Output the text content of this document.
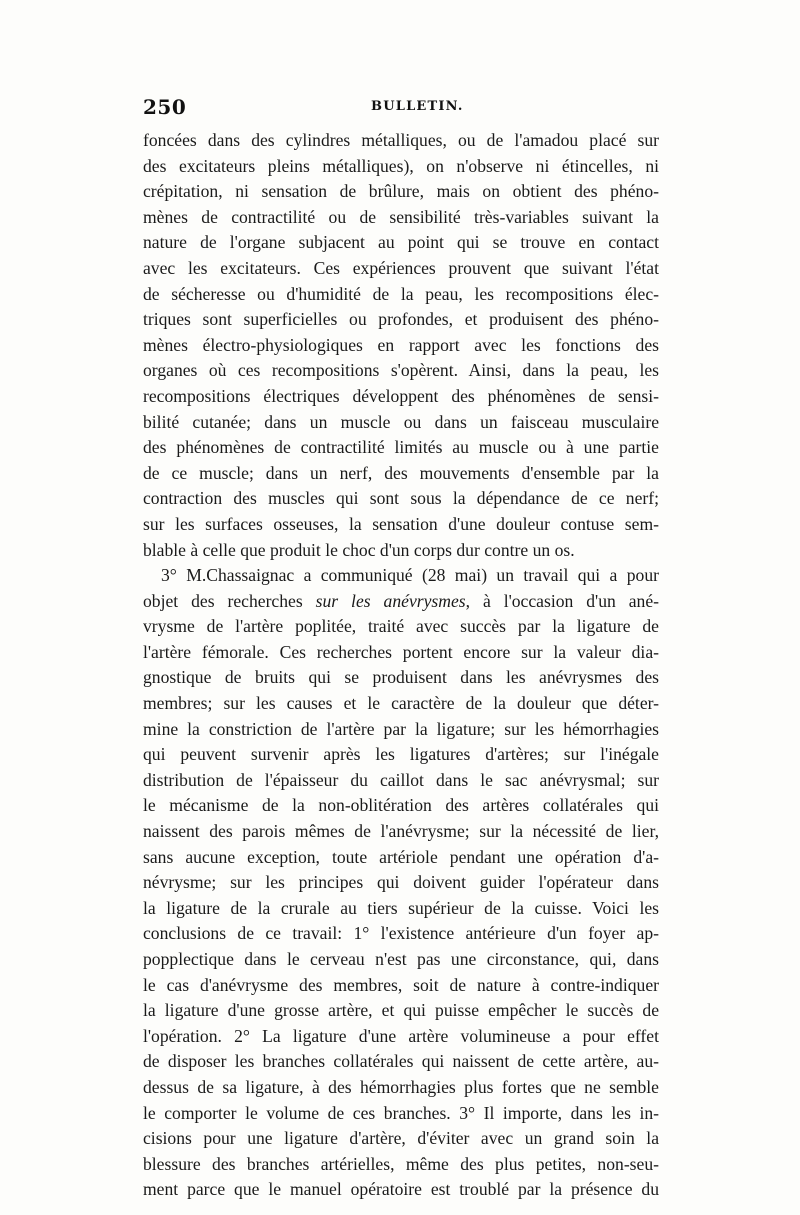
250	BULLETIN.
foncées dans des cylindres métalliques, ou de l'amadou placé sur
des excitateurs pleins métalliques), on n'observe ni étincelles, ni
crépitation, ni sensation de brûlure, mais on obtient des phéno-
mènes de contractilité ou de sensibilité très-variables suivant la
nature de l'organe subjacent au point qui se trouve en contact
avec les excitateurs. Ces expériences prouvent que suivant l'état
de sécheresse ou d'humidité de la peau, les recompositions élec-
triques sont superficielles ou profondes, et produisent des phéno-
mènes électro-physiologiques en rapport avec les fonctions des
organes où ces recompositions s'opèrent. Ainsi, dans la peau, les
recompositions électriques développent des phénomènes de sensi-
bilité cutanée; dans un muscle ou dans un faisceau musculaire
des phénomènes de contractilité limités au muscle ou à une partie
de ce muscle; dans un nerf, des mouvements d'ensemble par la
contraction des muscles qui sont sous la dépendance de ce nerf;
sur les surfaces osseuses, la sensation d'une douleur contuse sem-
blable à celle que produit le choc d'un corps dur contre un os.
3° M.Chassaignac a communiqué (28 mai) un travail qui a pour
objet des recherches sur les anévrysmes, à l'occasion d'un ané-
vrysme de l'artère poplitée, traité avec succès par la ligature de
l'artère fémorale. Ces recherches portent encore sur la valeur dia-
gnostique de bruits qui se produisent dans les anévrysmes des
membres; sur les causes et le caractère de la douleur que déter-
mine la constriction de l'artère par la ligature; sur les hémorrhagies
qui peuvent survenir après les ligatures d'artères; sur l'inégale
distribution de l'épaisseur du caillot dans le sac anévrysmal; sur
le mécanisme de la non-oblitération des artères collatérales qui
naissent des parois mêmes de l'anévrysme; sur la nécessité de lier,
sans aucune exception, toute artériole pendant une opération d'a-
névrysme; sur les principes qui doivent guider l'opérateur dans
la ligature de la crurale au tiers supérieur de la cuisse. Voici les
conclusions de ce travail: 1° l'existence antérieure d'un foyer ap-
popplectique dans le cerveau n'est pas une circonstance, qui, dans
le cas d'anévrysme des membres, soit de nature à contre-indiquer
la ligature d'une grosse artère, et qui puisse empêcher le succès de
l'opération. 2° La ligature d'une artère volumineuse a pour effet
de disposer les branches collatérales qui naissent de cette artère, au-
dessus de sa ligature, à des hémorrhagies plus fortes que ne semble
le comporter le volume de ces branches. 3° Il importe, dans les in-
cisions pour une ligature d'artère, d'éviter avec un grand soin la
blessure des branches artérielles, même des plus petites, non-seu-
ment parce que le manuel opératoire est troublé par la présence du
